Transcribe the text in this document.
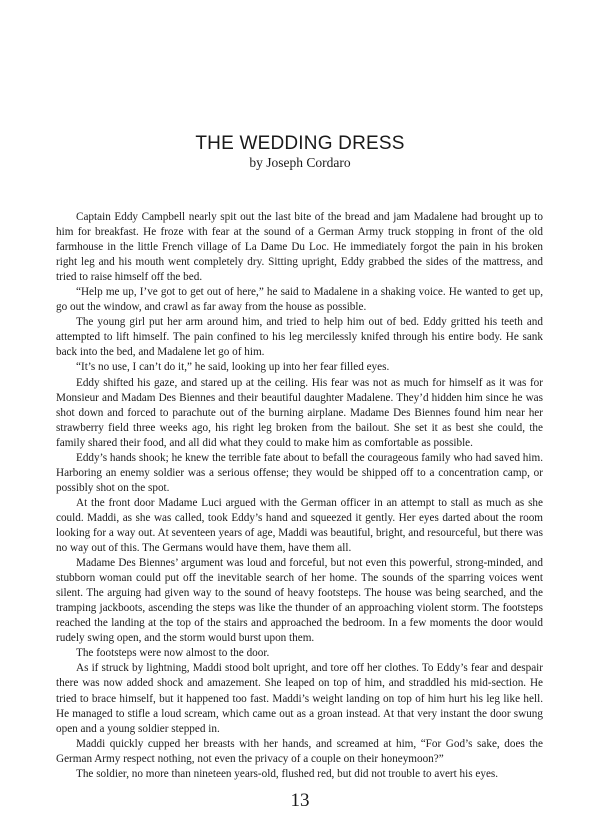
THE WEDDING DRESS
by Joseph Cordaro

Captain Eddy Campbell nearly spit out the last bite of the bread and jam Madalene had brought up to him for breakfast. He froze with fear at the sound of a German Army truck stopping in front of the old farmhouse in the little French village of La Dame Du Loc. He immediately forgot the pain in his broken right leg and his mouth went completely dry. Sitting upright, Eddy grabbed the sides of the mattress, and tried to raise himself off the bed.

“Help me up, I’ve got to get out of here,” he said to Madalene in a shaking voice. He wanted to get up, go out the window, and crawl as far away from the house as possible.

The young girl put her arm around him, and tried to help him out of bed. Eddy gritted his teeth and attempted to lift himself. The pain confined to his leg mercilessly knifed through his entire body. He sank back into the bed, and Madalene let go of him.

“It’s no use, I can’t do it,” he said, looking up into her fear filled eyes.

Eddy shifted his gaze, and stared up at the ceiling. His fear was not as much for himself as it was for Monsieur and Madam Des Biennes and their beautiful daughter Madalene. They’d hidden him since he was shot down and forced to parachute out of the burning airplane. Madame Des Biennes found him near her strawberry field three weeks ago, his right leg broken from the bailout. She set it as best she could, the family shared their food, and all did what they could to make him as comfortable as possible.

Eddy’s hands shook; he knew the terrible fate about to befall the courageous family who had saved him. Harboring an enemy soldier was a serious offense; they would be shipped off to a concentration camp, or possibly shot on the spot.

At the front door Madame Luci argued with the German officer in an attempt to stall as much as she could. Maddi, as she was called, took Eddy’s hand and squeezed it gently. Her eyes darted about the room looking for a way out. At seventeen years of age, Maddi was beautiful, bright, and resourceful, but there was no way out of this. The Germans would have them, have them all.

Madame Des Biennes’ argument was loud and forceful, but not even this powerful, strong-minded, and stubborn woman could put off the inevitable search of her home. The sounds of the sparring voices went silent. The arguing had given way to the sound of heavy footsteps. The house was being searched, and the tramping jackboots, ascending the steps was like the thunder of an approaching violent storm. The footsteps reached the landing at the top of the stairs and approached the bedroom. In a few moments the door would rudely swing open, and the storm would burst upon them.

The footsteps were now almost to the door.

As if struck by lightning, Maddi stood bolt upright, and tore off her clothes. To Eddy’s fear and despair there was now added shock and amazement. She leaped on top of him, and straddled his mid-section. He tried to brace himself, but it happened too fast. Maddi’s weight landing on top of him hurt his leg like hell. He managed to stifle a loud scream, which came out as a groan instead. At that very instant the door swung open and a young soldier stepped in.

Maddi quickly cupped her breasts with her hands, and screamed at him, “For God’s sake, does the German Army respect nothing, not even the privacy of a couple on their honeymoon?”

The soldier, no more than nineteen years-old, flushed red, but did not trouble to avert his eyes.

13
